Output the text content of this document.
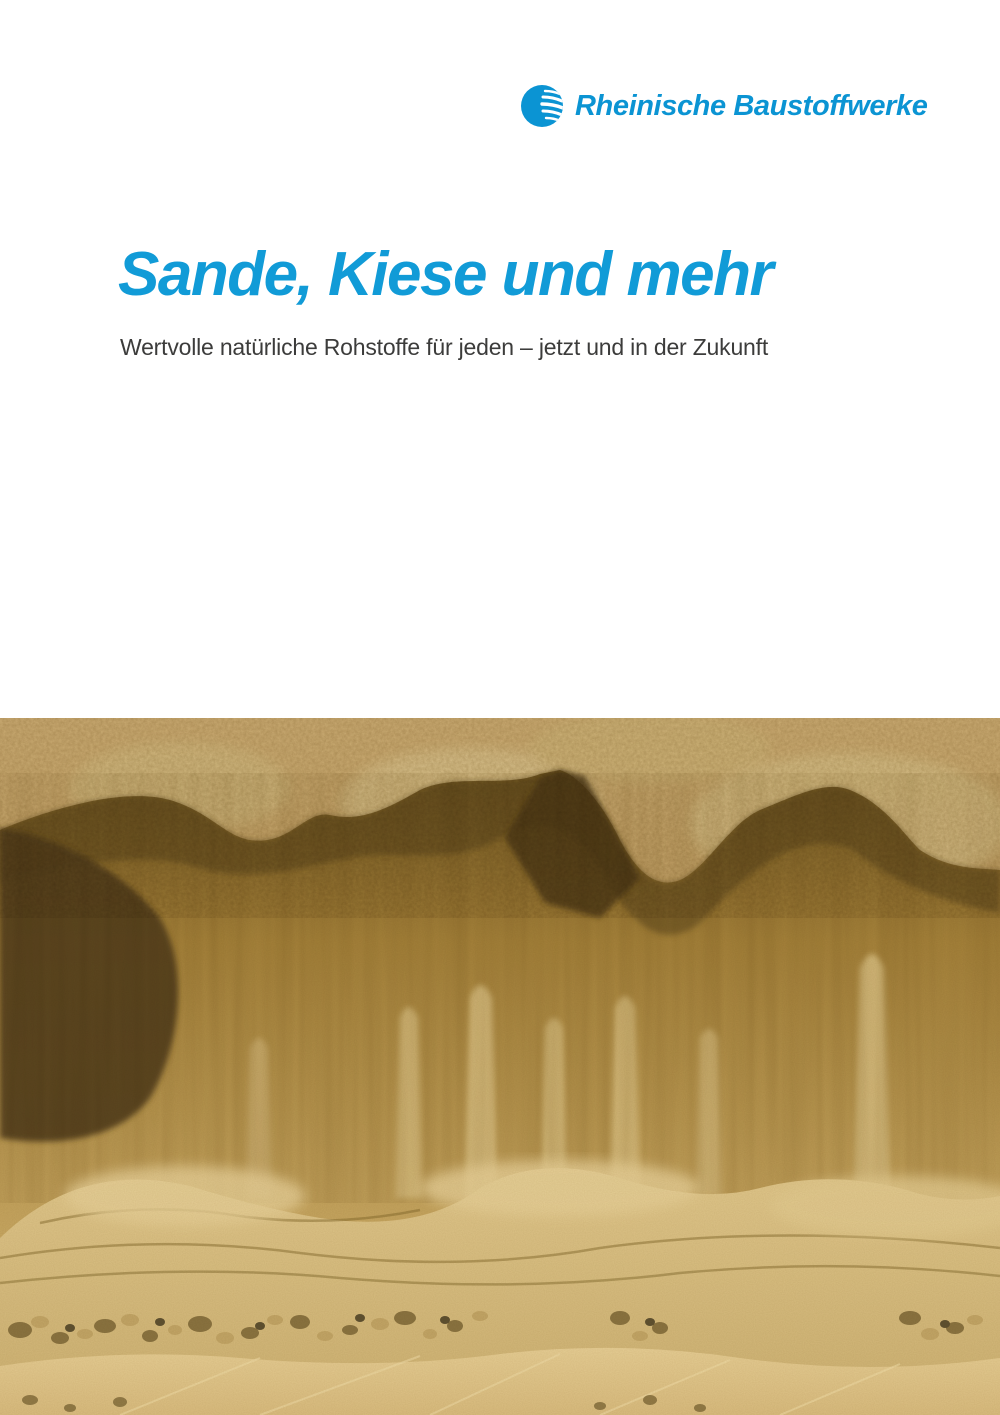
Rheinische Baustoffwerke
Sande, Kiese und mehr

Wertvolle natürliche Rohstoffe für jeden – jetzt und in der Zukunft
